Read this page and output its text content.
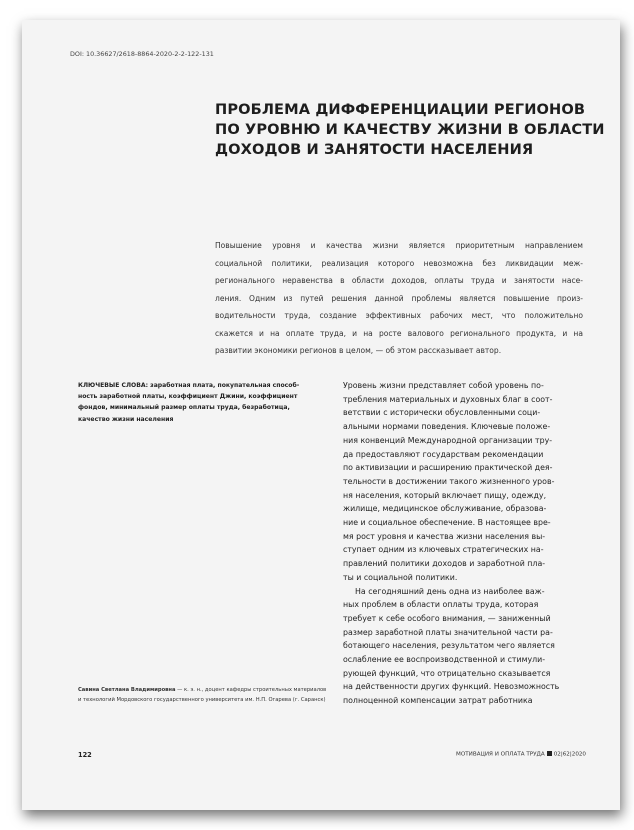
DOI: 10.36627/2618-8864-2020-2-2-122-131
ПРОБЛЕМА ДИФФЕРЕНЦИАЦИИ РЕГИОНОВ
ПО УРОВНЮ И КАЧЕСТВУ ЖИЗНИ В ОБЛАСТИ
ДОХОДОВ И ЗАНЯТОСТИ НАСЕЛЕНИЯ
Повышение уровня и качества жизни является приоритетным направлением
социальной политики, реализация которого невозможна без ликвидации меж-
регионального неравенства в области доходов, оплаты труда и занятости насе-
ления. Одним из путей решения данной проблемы является повышение произ-
водительности труда, создание эффективных рабочих мест, что положительно
скажется и на оплате труда, и на росте валового регионального продукта, и на
развитии экономики регионов в целом, — об этом рассказывает автор.
КЛЮЧЕВЫЕ СЛОВА: заработная плата, покупательная способ-
ность заработной платы, коэффициент Джини, коэффициент
фондов, минимальный размер оплаты труда, безработица,
качество жизни населения
Уровень жизни представляет собой уровень по-
требления материальных и духовных благ в соот-
ветствии с исторически обусловленными соци-
альными нормами поведения. Ключевые положе-
ния конвенций Международной организации тру-
да предоставляют государствам рекомендации
по активизации и расширению практической дея-
тельности в достижении такого жизненного уров-
ня населения, который включает пищу, одежду,
жилище, медицинское обслуживание, образова-
ние и социальное обеспечение. В настоящее вре-
мя рост уровня и качества жизни населения вы-
ступает одним из ключевых стратегических на-
правлений политики доходов и заработной пла-
ты и социальной политики.
На сегодняшний день одна из наиболее важ-
ных проблем в области оплаты труда, которая
требует к себе особого внимания, — заниженный
размер заработной платы значительной части ра-
ботающего населения, результатом чего является
ослабление ее воспроизводственной и стимули-
рующей функций, что отрицательно сказывается
на действенности других функций. Невозможность
полноценной компенсации затрат работника
Савина Светлана Владимировна — к. э. н., доцент кафедры строительных материалов
и технологий Мордовского государственного университета им. Н.П. Огарева (г. Саранск)
122	МОТИВАЦИЯ И ОПЛАТА ТРУДА 02|62|2020
